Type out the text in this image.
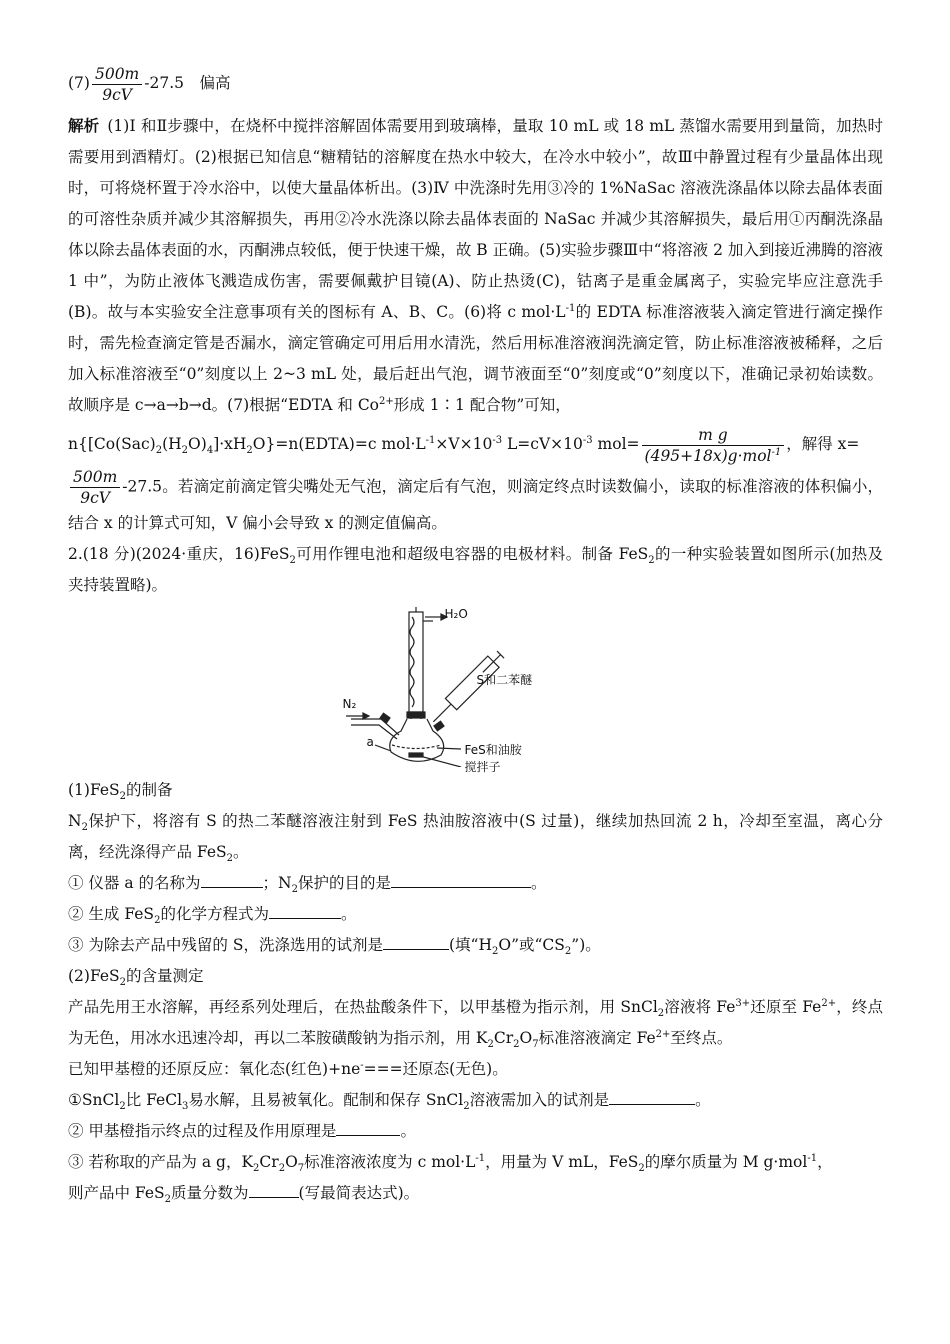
$(7) \frac{500m}{9cV} -27.5$　偏高

解析 (1)Ⅰ 和Ⅱ步骤中，在烧杯中搅拌溶解固体需要用到玻璃棒，量取 10 mL 或 18 mL 蒸馏水需要用到量筒，加热时需要用到酒精灯。(2)根据已知信息“糖精钴的溶解度在热水中较大，在冷水中较小”，故Ⅲ中静置过程有少量晶体出现时，可将烧杯置于冷水浴中，以使大量晶体析出。(3)Ⅳ 中洗涤时先用③冷的 1%NaSac 溶液洗涤晶体以除去晶体表面的可溶性杂质并减少其溶解损失，再用②冷水洗涤以除去晶体表面的 NaSac 并减少其溶解损失，最后用①丙酮洗涤晶体以除去晶体表面的水，丙酮沸点较低，便于快速干燥，故 B 正确。(5)实验步骤Ⅲ中“将溶液 2 加入到接近沸腾的溶液 1 中”，为防止液体飞溅造成伤害，需要佩戴护目镜(A)、防止热烫(C)，钴离子是重金属离子，实验完毕应注意洗手(B)。故与本实验安全注意事项有关的图标有 A、B、C。(6)将 c $mol\cdot L^{-1}$的 EDTA 标准溶液装入滴定管进行滴定操作时，需先检查滴定管是否漏水，滴定管确定可用后用水清洗，然后用标准溶液润洗滴定管，防止标准溶液被稀释，之后加入标准溶液至“0”刻度以上 2~3 mL 处，最后赶出气泡，调节液面至“0”刻度或“0”刻度以下，准确记录初始读数。故顺序是 c→a→b→d。(7)根据“EDTA 和 $Co^{2+}$形成 1∶1 配合物”可知，

$n\{[Co(Sac)_2(H_2O)_4]\cdot xH_2O\}=n(EDTA)=c$ $mol\cdot L^{-1}\times V\times 10^{-3}$ $L=cV\times 10^{-3}$ $mol= \frac{\text{m g}}{(495+18x)g\cdot mol^{-1}}$ ，解得 x=

$\frac{500m}{9cV} -27.5$。若滴定前滴定管尖嘴处无气泡，滴定后有气泡，则滴定终点时读数偏小，读取的标准溶液的体积偏小，结合 x 的计算式可知，V 偏小会导致 x 的测定值偏高。

2.(18 分)(2024·重庆，16)FeS$_2$可用作锂电池和超级电容器的电极材料。制备 FeS$_2$的一种实验装置如图所示(加热及夹持装置略)。

H₂O
N₂
S和二苯醚
a
FeS和油胺
搅拌子

(1)FeS$_2$的制备

$N_2$保护下，将溶有 S 的热二苯醚溶液注射到 FeS 热油胺溶液中(S 过量)，继续加热回流 2 h，冷却至室温，离心分离，经洗涤得产品 FeS$_2$。

① 仪器 a 的名称为	；$N_2$保护的目的是	。

② 生成 FeS$_2$的化学方程式为	。

③ 为除去产品中残留的 S，洗涤选用的试剂是	(填“$H_2O$”或“$CS_2$”)。

(2)FeS$_2$的含量测定

产品先用王水溶解，再经系列处理后，在热盐酸条件下，以甲基橙为指示剂，用 SnCl$_2$溶液将 $Fe^{3+}$还原至 $Fe^{2+}$，终点为无色，用冰水迅速冷却，再以二苯胺磺酸钠为指示剂，用 $K_2Cr_2O_7$标准溶液滴定 $Fe^{2+}$至终点。

已知甲基橙的还原反应：氧化态(红色)+ne-===还原态(无色)。

①SnCl$_2$比 FeCl$_3$易水解，且易被氧化。配制和保存 SnCl$_2$溶液需加入的试剂是	。

② 甲基橙指示终点的过程及作用原理是	。

③ 若称取的产品为 a g，$K_2Cr_2O_7$标准溶液浓度为 c $mol\cdot L^{-1}$，用量为 V mL，FeS$_2$的摩尔质量为 M g·mol$^{-1}$，

则产品中 FeS$_2$质量分数为	(写最简表达式)。
